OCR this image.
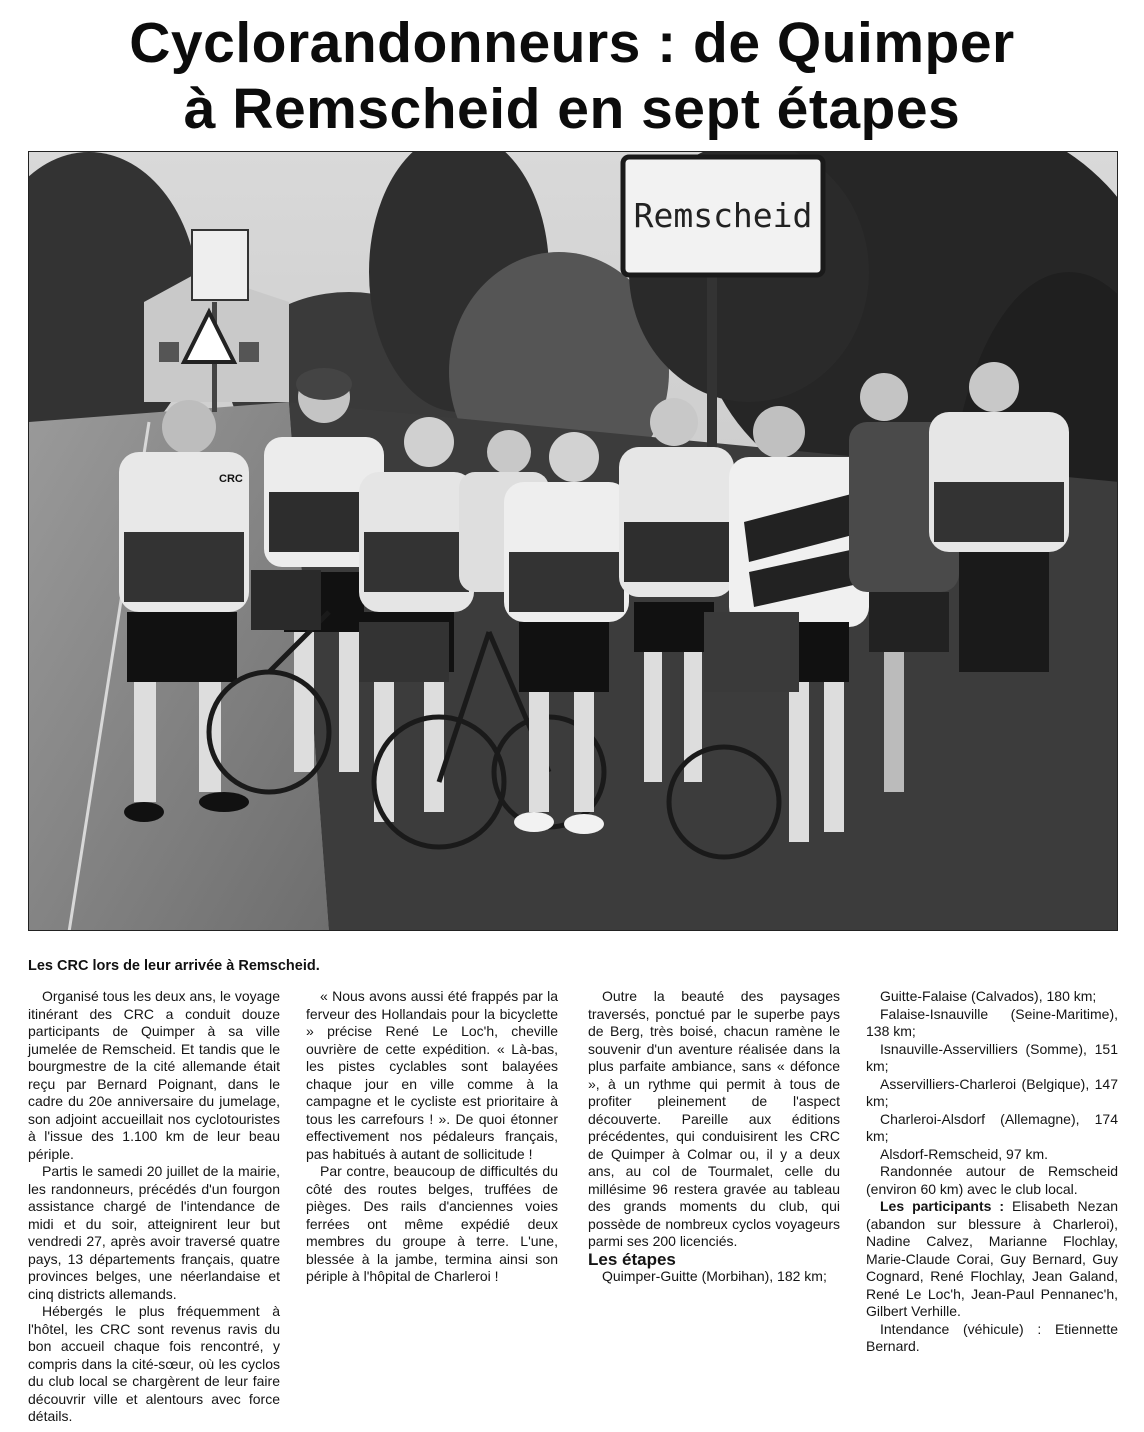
Cyclorandonneurs : de Quimper
à Remscheid en sept étapes
Remscheid
CRC
Les CRC lors de leur arrivée à Remscheid.

Organisé tous les deux ans, le voyage itinérant des CRC a conduit douze participants de Quimper à sa ville jumelée de Remscheid. Et tandis que le bourgmestre de la cité allemande était reçu par Bernard Poignant, dans le cadre du 20e anniversaire du jumelage, son adjoint accueillait nos cyclotouristes à l'issue des 1.100 km de leur beau périple.

Partis le samedi 20 juillet de la mairie, les randonneurs, précédés d'un fourgon assistance chargé de l'intendance de midi et du soir, atteignirent leur but vendredi 27, après avoir traversé quatre pays, 13 départements français, quatre provinces belges, une néerlandaise et cinq districts allemands.

Hébergés le plus fréquemment à l'hôtel, les CRC sont revenus ravis du bon accueil chaque fois rencontré, y compris dans la cité-sœur, où les cyclos du club local se chargèrent de leur faire découvrir ville et alentours avec force détails.

« Nous avons aussi été frappés par la ferveur des Hollandais pour la bicyclette » précise René Le Loc'h, cheville ouvrière de cette expédition. « Là-bas, les pistes cyclables sont balayées chaque jour en ville comme à la campagne et le cycliste est prioritaire à tous les carrefours ! ». De quoi étonner effectivement nos pédaleurs français, pas habitués à autant de sollicitude !

Par contre, beaucoup de difficultés du côté des routes belges, truffées de pièges. Des rails d'anciennes voies ferrées ont même expédié deux membres du groupe à terre. L'une, blessée à la jambe, termina ainsi son périple à l'hôpital de Charleroi !

Outre la beauté des paysages traversés, ponctué par le superbe pays de Berg, très boisé, chacun ramène le souvenir d'un aventure réalisée dans la plus parfaite ambiance, sans « défonce », à un rythme qui permit à tous de profiter pleinement de l'aspect découverte. Pareille aux éditions précédentes, qui conduisirent les CRC de Quimper à Colmar ou, il y a deux ans, au col de Tourmalet, celle du millésime 96 restera gravée au tableau des grands moments du club, qui possède de nombreux cyclos voyageurs parmi ses 200 licenciés.

Les étapes

Quimper-Guitte (Morbihan), 182 km;

Guitte-Falaise (Calvados), 180 km;

Falaise-Isnauville (Seine-Maritime), 138 km;

Isnauville-Asservilliers (Somme), 151 km;

Asservilliers-Charleroi (Belgique), 147 km;

Charleroi-Alsdorf (Allemagne), 174 km;

Alsdorf-Remscheid, 97 km.

Randonnée autour de Remscheid (environ 60 km) avec le club local.

Les participants : Elisabeth Nezan (abandon sur blessure à Charleroi), Nadine Calvez, Marianne Flochlay, Marie-Claude Corai, Guy Bernard, Guy Cognard, René Flochlay, Jean Galand, René Le Loc'h, Jean-Paul Pennanec'h, Gilbert Verhille.

Intendance (véhicule) : Etiennette Bernard.
